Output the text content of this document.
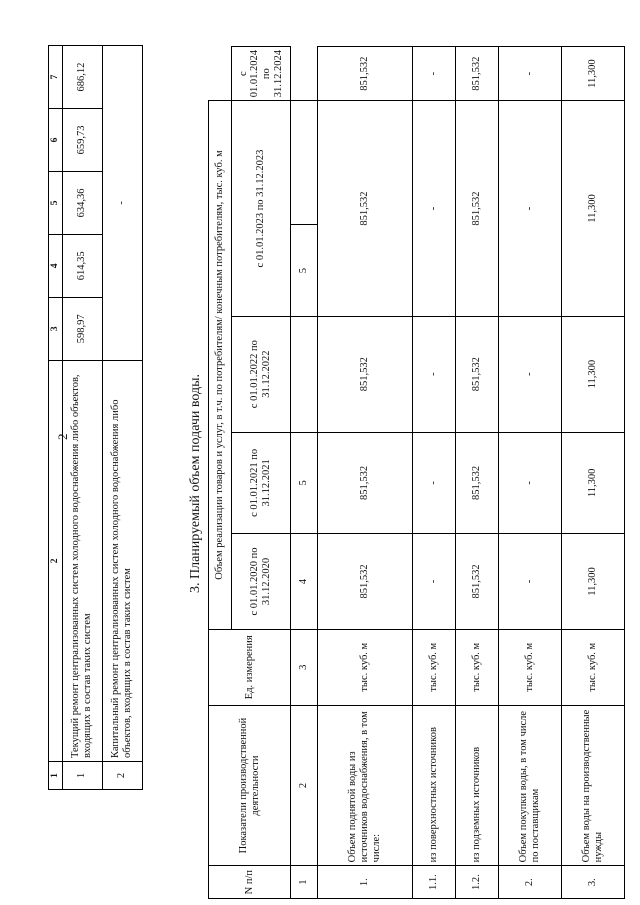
2
1	2	3	4	5	6	7
1	Текущий ремонт централизованных систем холодного водоснабжения либо объектов, входящих в состав таких систем	598,97	614,35	634,36	659,73	686,12
2	Капитальный ремонт централизованных систем холодного водоснабжения либо объектов, входящих в состав таких систем	-				
3. Планируемый объем подачи воды.
N п/п	Показатели производственной деятельности	Ед. измерения	Объем реализации товаров и услуг, в т.ч. по потребителям/ конечным потребителям, тыс. куб. м					
			с 01.01.2020 по 31.12.2020	с 01.01.2021 по 31.12.2021	с 01.01.2022 по 31.12.2022	с 01.01.2023 по 31.12.2023		с 01.01.2024 по 31.12.2024
1	2	3	4	5		5		
1.	Объем поднятой воды из источников водоснабжения, в том числе:	тыс. куб. м	851,532	851,532	851,532	851,532		851,532
1.1.	из поверхностных источников	тыс. куб. м	-	-	-	-		-
1.2.	из подземных источников	тыс. куб. м	851,532	851,532	851,532	851,532		851,532
2.	Объем покупки воды, в том числе по поставщикам	тыс. куб. м	-	-	-	-		-
3.	Объем воды на производственные нужды	тыс. куб. м	11,300	11,300	11,300	11,300		11,300
